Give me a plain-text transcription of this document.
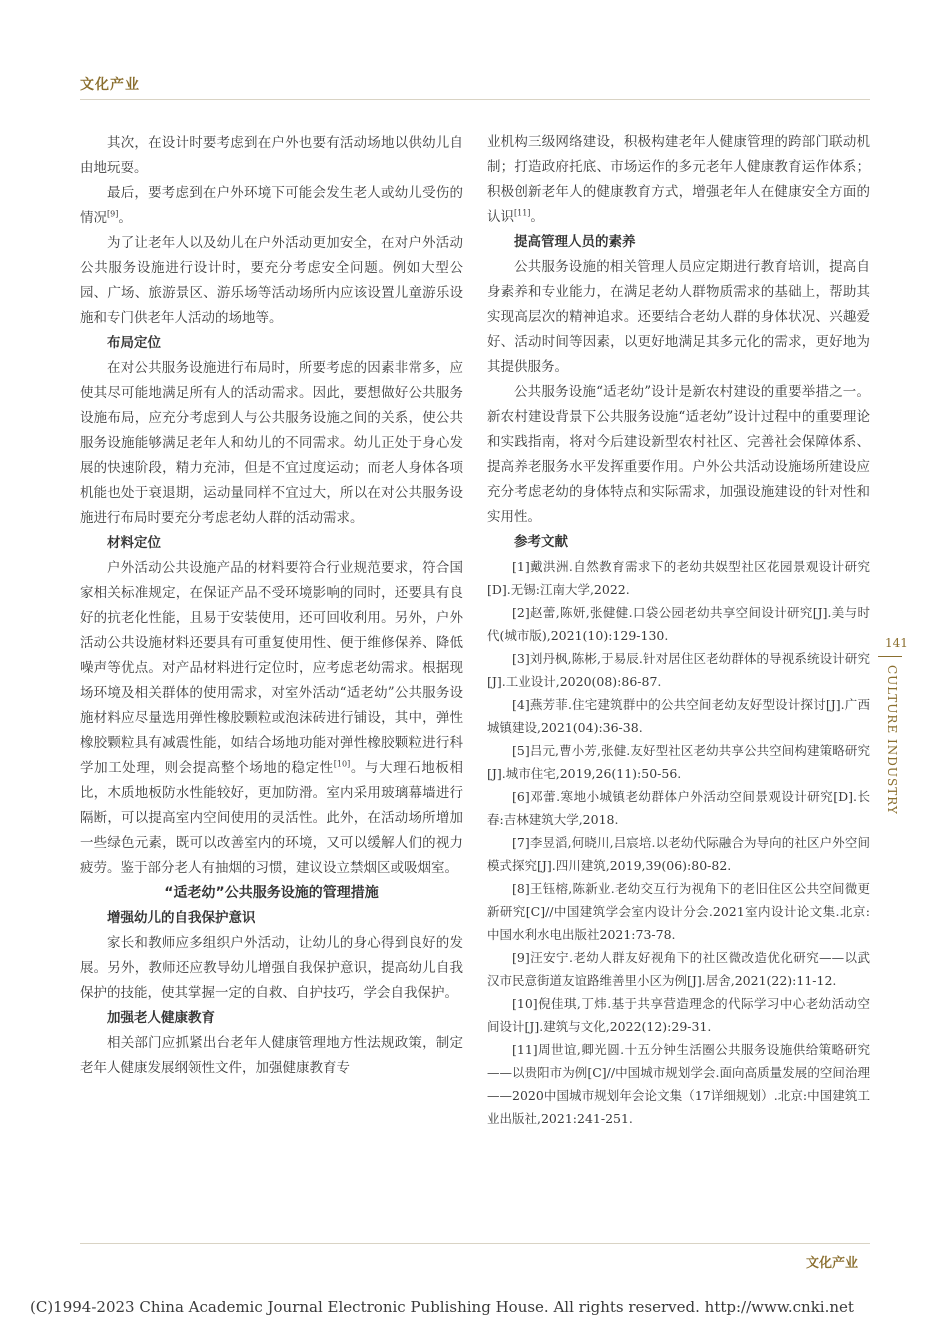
文化产业

其次，在设计时要考虑到在户外也要有活动场地以供幼儿自由地玩耍。

最后，要考虑到在户外环境下可能会发生老人或幼儿受伤的情况[9]。

为了让老年人以及幼儿在户外活动更加安全，在对户外活动公共服务设施进行设计时，要充分考虑安全问题。例如大型公园、广场、旅游景区、游乐场等活动场所内应该设置儿童游乐设施和专门供老年人活动的场地等。

布局定位

在对公共服务设施进行布局时，所要考虑的因素非常多，应使其尽可能地满足所有人的活动需求。因此，要想做好公共服务设施布局，应充分考虑到人与公共服务设施之间的关系，使公共服务设施能够满足老年人和幼儿的不同需求。幼儿正处于身心发展的快速阶段，精力充沛，但是不宜过度运动；而老人身体各项机能也处于衰退期，运动量同样不宜过大，所以在对公共服务设施进行布局时要充分考虑老幼人群的活动需求。

材料定位

户外活动公共设施产品的材料要符合行业规范要求，符合国家相关标准规定，在保证产品不受环境影响的同时，还要具有良好的抗老化性能，且易于安装使用，还可回收利用。另外，户外活动公共设施材料还要具有可重复使用性、便于维修保养、降低噪声等优点。对产品材料进行定位时，应考虑老幼需求。根据现场环境及相关群体的使用需求，对室外活动“适老幼”公共服务设施材料应尽量选用弹性橡胶颗粒或泡沫砖进行铺设，其中，弹性橡胶颗粒具有减震性能，如结合场地功能对弹性橡胶颗粒进行科学加工处理，则会提高整个场地的稳定性[10]。与大理石地板相比，木质地板防水性能较好，更加防滑。室内采用玻璃幕墙进行隔断，可以提高室内空间使用的灵活性。此外，在活动场所增加一些绿色元素，既可以改善室内的环境，又可以缓解人们的视力疲劳。鉴于部分老人有抽烟的习惯，建议设立禁烟区或吸烟室。

“适老幼”公共服务设施的管理措施
增强幼儿的自我保护意识

家长和教师应多组织户外活动，让幼儿的身心得到良好的发展。另外，教师还应教导幼儿增强自我保护意识，提高幼儿自我保护的技能，使其掌握一定的自救、自护技巧，学会自我保护。

加强老人健康教育

相关部门应抓紧出台老年人健康管理地方性法规政策，制定老年人健康发展纲领性文件，加强健康教育专

业机构三级网络建设，积极构建老年人健康管理的跨部门联动机制；打造政府托底、市场运作的多元老年人健康教育运作体系；积极创新老年人的健康教育方式，增强老年人在健康安全方面的认识[11]。

提高管理人员的素养

公共服务设施的相关管理人员应定期进行教育培训，提高自身素养和专业能力，在满足老幼人群物质需求的基础上，帮助其实现高层次的精神追求。还要结合老幼人群的身体状况、兴趣爱好、活动时间等因素，以更好地满足其多元化的需求，更好地为其提供服务。

公共服务设施“适老幼”设计是新农村建设的重要举措之一。新农村建设背景下公共服务设施“适老幼”设计过程中的重要理论和实践指南，将对今后建设新型农村社区、完善社会保障体系、提高养老服务水平发挥重要作用。户外公共活动设施场所建设应充分考虑老幼的身体特点和实际需求，加强设施建设的针对性和实用性。

参考文献

[1]戴洪洲.自然教育需求下的老幼共娱型社区花园景观设计研究[D].无锡:江南大学,2022.

[2]赵蕾,陈妍,张健健.口袋公园老幼共享空间设计研究[J].美与时代(城市版),2021(10):129-130.

[3]刘丹枫,陈彬,于易辰.针对居住区老幼群体的导视系统设计研究[J].工业设计,2020(08):86-87.

[4]燕芳菲.住宅建筑群中的公共空间老幼友好型设计探讨[J].广西城镇建设,2021(04):36-38.

[5]吕元,曹小芳,张健.友好型社区老幼共享公共空间构建策略研究[J].城市住宅,2019,26(11):50-56.

[6]邓蕾.寒地小城镇老幼群体户外活动空间景观设计研究[D].长春:吉林建筑大学,2018.

[7]李昱滔,何晓川,吕宸培.以老幼代际融合为导向的社区户外空间模式探究[J].四川建筑,2019,39(06):80-82.

[8]王钰榕,陈新业.老幼交互行为视角下的老旧住区公共空间微更新研究[C]//中国建筑学会室内设计分会.2021室内设计论文集.北京:中国水利水电出版社2021:73-78.

[9]汪安宁.老幼人群友好视角下的社区微改造优化研究——以武汉市民意街道友谊路维善里小区为例[J].居舍,2021(22):11-12.

[10]倪佳琪,丁炜.基于共享营造理念的代际学习中心老幼活动空间设计[J].建筑与文化,2022(12):29-31.

[11]周世谊,卿光圆.十五分钟生活圈公共服务设施供给策略研究——以贵阳市为例[C]//中国城市规划学会.面向高质量发展的空间治理——2020中国城市规划年会论文集（17详细规划）.北京:中国建筑工业出版社,2021:241-251.

141
CULTURE INDUSTRY
文化产业
(C)1994-2023 China Academic Journal Electronic Publishing House. All rights reserved. http://www.cnki.net
